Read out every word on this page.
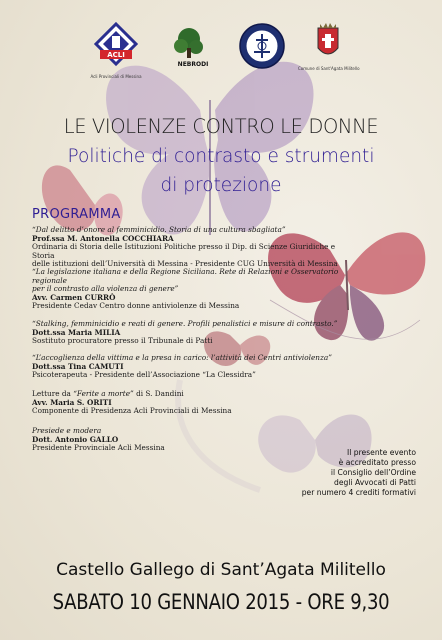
ACLI
Acli Provinciali di Messina
NEBRODI
Comune di Sant'Agata Militello
LE VIOLENZE CONTRO LE DONNE
Politiche di contrasto e strumenti
di protezione
PROGRAMMA
“Dal delitto d’onore al femminicidio. Storia di una cultura sbagliata”
Prof.ssa M. Antonella COCCHIARA
Ordinaria di Storia delle Istituzioni Politiche presso il Dip. di Scienze Giuridiche e Storia
delle istituzioni dell’Università di Messina - Presidente CUG Università di Messina
“La legislazione italiana e della Regione Siciliana. Rete di Relazioni e Osservatorio regionale
per il contrasto alla violenza di genere”
Avv. Carmen CURRÒ
Presidente Cedav Centro donne antiviolenze di Messina
“Stalking, femminicidio e reati di genere. Profili penalistici e misure di contrasto.”
Dott.ssa Maria MILIA
Sostituto procuratore presso il Tribunale di Patti
“L’accoglienza della vittima e la presa in carico: l’attività dei Centri antiviolenza”
Dott.ssa Tina CAMUTI
Psicoterapeuta - Presidente dell’Associazione “La Clessidra”
Letture da “Ferite a morte” di S. Dandini
Avv. Maria S. ORITI
Componente di Presidenza Acli Provinciali di Messina
Presiede e modera
Dott. Antonio GALLO
Presidente Provinciale Acli Messina
Il presente evento
è accreditato presso
il Consiglio dell’Ordine
degli Avvocati di Patti
per numero 4 crediti formativi
Castello Gallego di Sant’Agata Militello
SABATO 10 GENNAIO 2015 - ORE 9,30
